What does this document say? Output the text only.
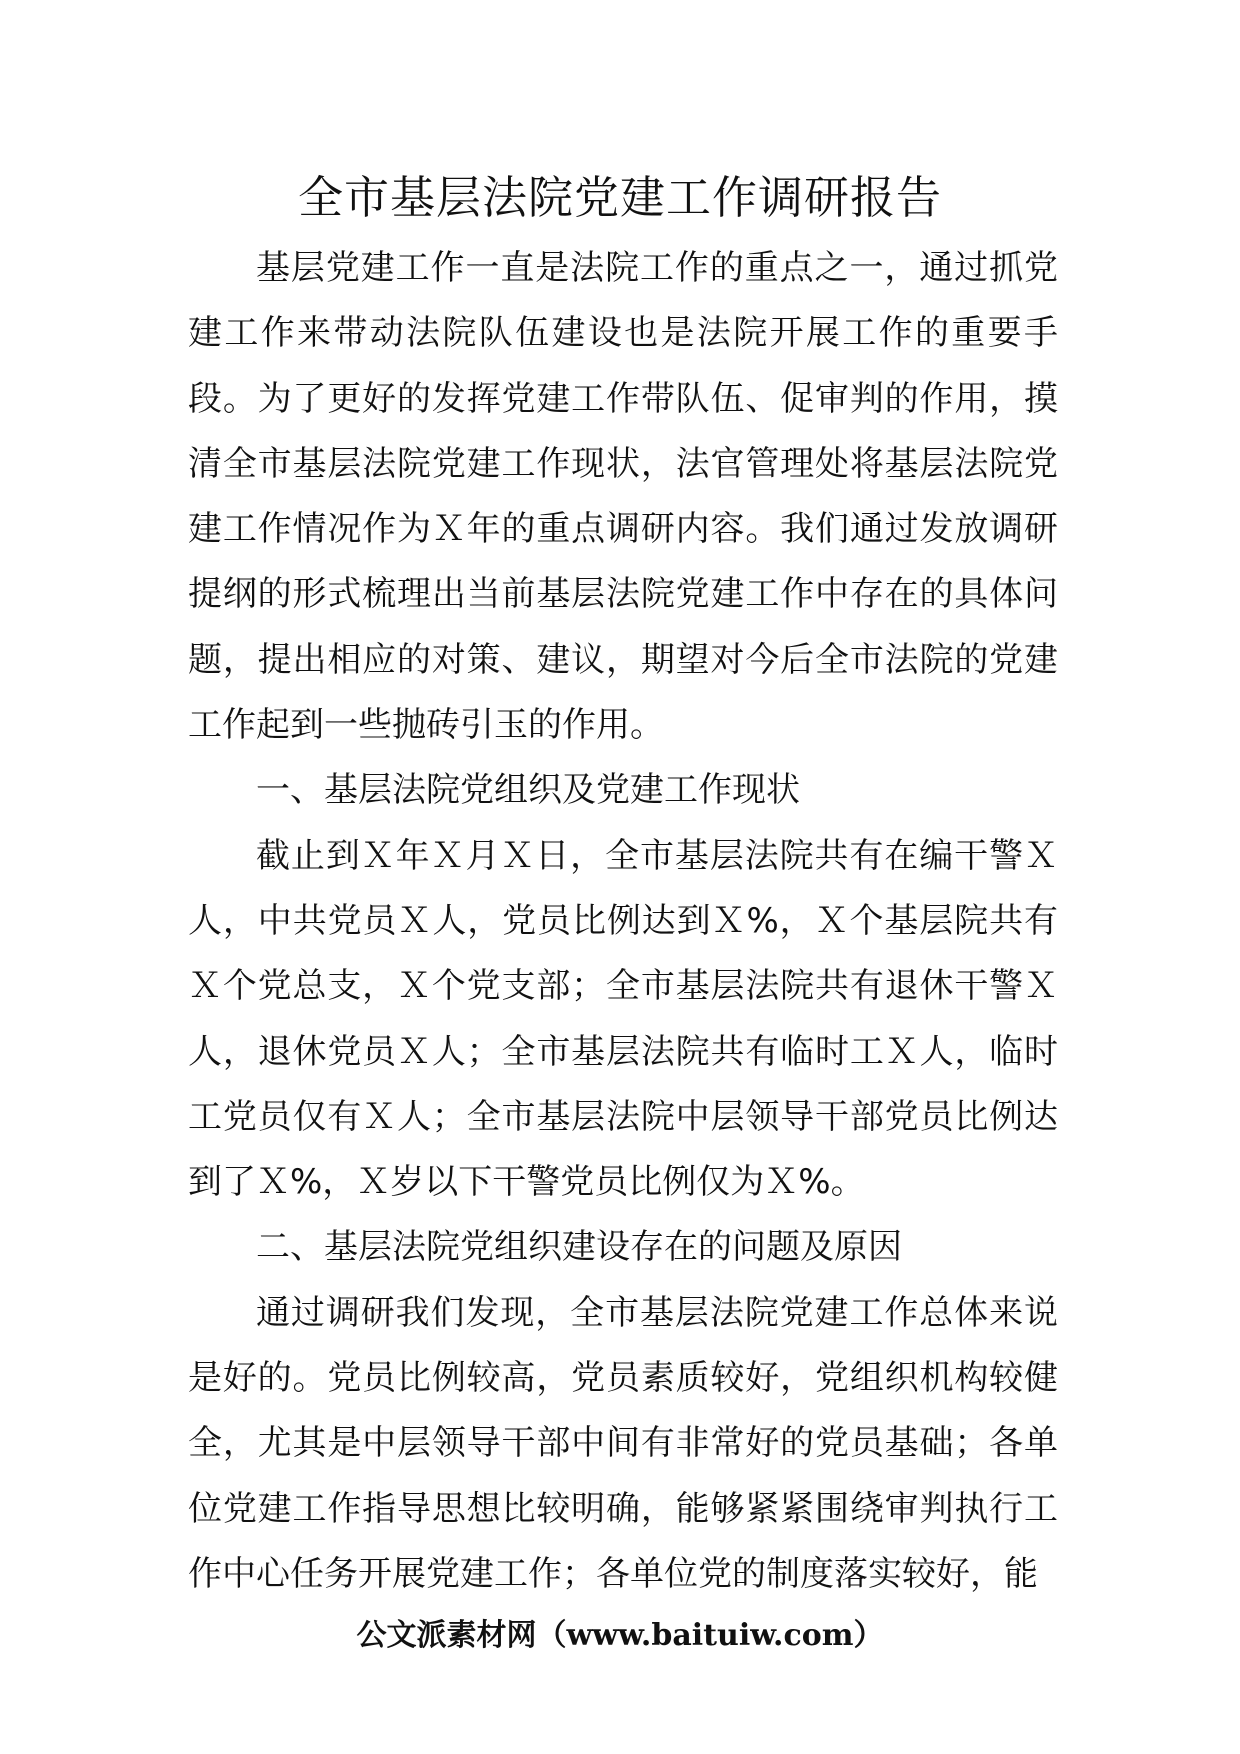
全市基层法院党建工作调研报告

基层党建工作一直是法院工作的重点之一，通过抓党建工作来带动法院队伍建设也是法院开展工作的重要手段。为了更好的发挥党建工作带队伍、促审判的作用，摸清全市基层法院党建工作现状，法官管理处将基层法院党建工作情况作为Ｘ年的重点调研内容。我们通过发放调研提纲的形式梳理出当前基层法院党建工作中存在的具体问题，提出相应的对策、建议，期望对今后全市法院的党建工作起到一些抛砖引玉的作用。

一、基层法院党组织及党建工作现状

截止到Ｘ年Ｘ月Ｘ日，全市基层法院共有在编干警Ｘ人，中共党员Ｘ人，党员比例达到Ｘ%，Ｘ个基层院共有Ｘ个党总支，Ｘ个党支部；全市基层法院共有退休干警Ｘ人，退休党员Ｘ人；全市基层法院共有临时工Ｘ人，临时工党员仅有Ｘ人；全市基层法院中层领导干部党员比例达到了Ｘ%，Ｘ岁以下干警党员比例仅为Ｘ%。

二、基层法院党组织建设存在的问题及原因

通过调研我们发现，全市基层法院党建工作总体来说是好的。党员比例较高，党员素质较好，党组织机构较健全，尤其是中层领导干部中间有非常好的党员基础；各单位党建工作指导思想比较明确，能够紧紧围绕审判执行工作中心任务开展党建工作；各单位党的制度落实较好，能

公文派素材网（www.baituiw.com）
